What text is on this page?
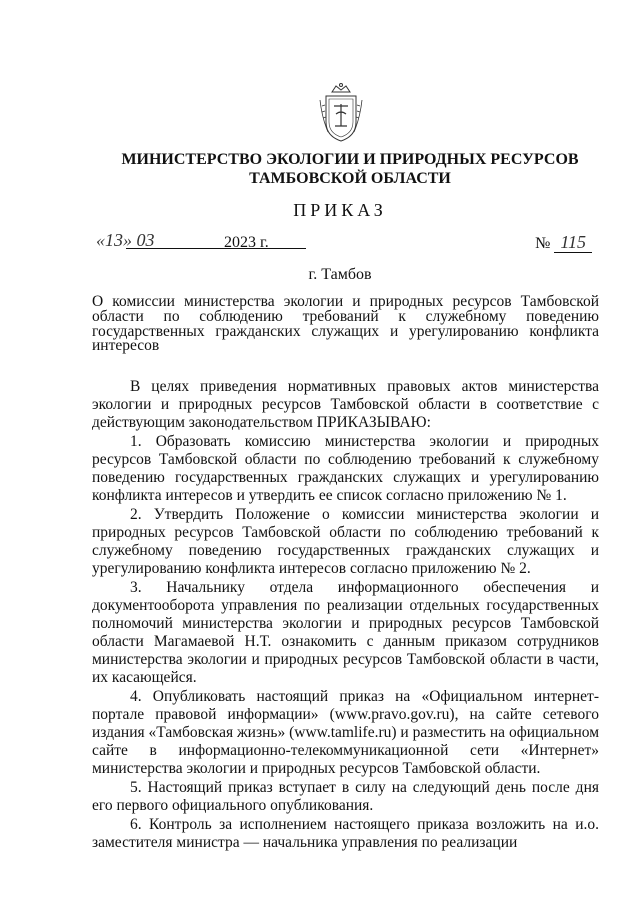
МИНИСТЕРСТВО ЭКОЛОГИИ И ПРИРОДНЫХ РЕСУРСОВ
ТАМБОВСКОЙ ОБЛАСТИ
ПРИКАЗ
«13» 03	2023 г.	№ 115
г. Тамбов
О комиссии министерства экологии и природных ресурсов Тамбовской области по соблюдению требований к служебному поведению государственных гражданских служащих и урегулированию конфликта интересов

В целях приведения нормативных правовых актов министерства экологии и природных ресурсов Тамбовской области в соответствие с действующим законодательством ПРИКАЗЫВАЮ:

1. Образовать комиссию министерства экологии и природных ресурсов Тамбовской области по соблюдению требований к служебному поведению государственных гражданских служащих и урегулированию конфликта интересов и утвердить ее список согласно приложению № 1.

2. Утвердить Положение о комиссии министерства экологии и природных ресурсов Тамбовской области по соблюдению требований к служебному поведению государственных гражданских служащих и урегулированию конфликта интересов согласно приложению № 2.

3. Начальнику отдела информационного обеспечения и документооборота управления по реализации отдельных государственных полномочий министерства экологии и природных ресурсов Тамбовской области Магамаевой Н.Т. ознакомить с данным приказом сотрудников министерства экологии и природных ресурсов Тамбовской области в части, их касающейся.

4. Опубликовать настоящий приказ на «Официальном интернет-портале правовой информации» (www.pravo.gov.ru), на сайте сетевого издания «Тамбовская жизнь» (www.tamlife.ru) и разместить на официальном сайте в информационно-телекоммуникационной сети «Интернет» министерства экологии и природных ресурсов Тамбовской области.

5. Настоящий приказ вступает в силу на следующий день после дня его первого официального опубликования.

6. Контроль за исполнением настоящего приказа возложить на и.о. заместителя министра — начальника управления по реализации
